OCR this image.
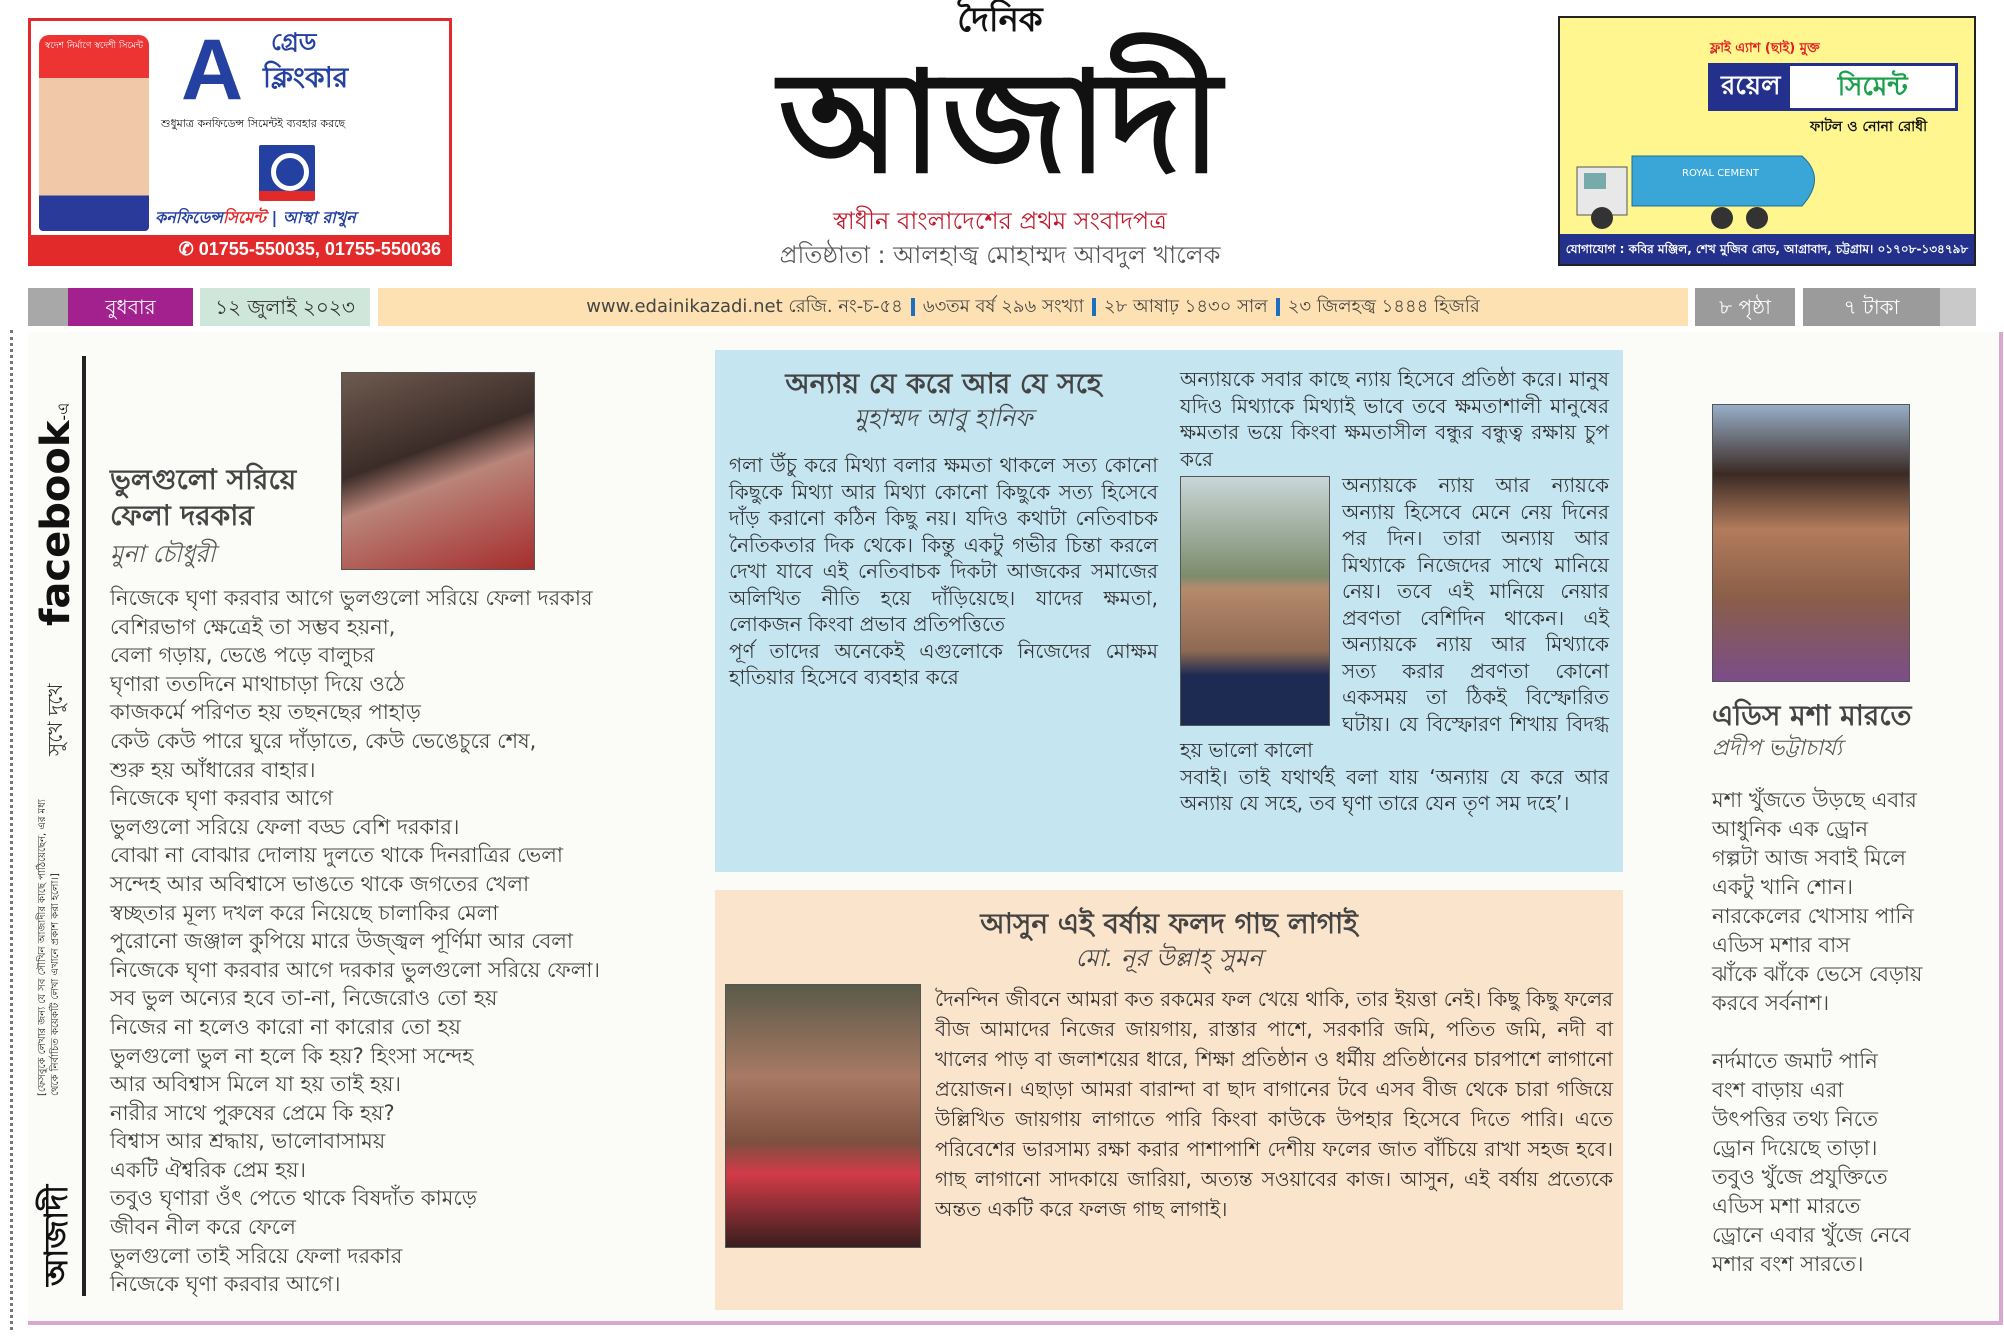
স্বদেশ নির্মাণে স্বদেশী সিমেন্ট A গ্রেড
ক্লিংকার
শুধুমাত্র কনফিডেন্স সিমেন্টই ব্যবহার করছে
কনফিডেন্সসিমেন্ট | আস্থা রাখুন
✆ 01755-550035, 01755-550036
দৈনিক
আজাদী
স্বাধীন বাংলাদেশের প্রথম সংবাদপত্র
প্রতিষ্ঠাতা : আলহাজ্ব মোহাম্মদ আবদুল খালেক
ফ্লাই এ্যাশ (ছাই) মুক্ত
রয়েল	সিমেন্ট
ফাটল ও নোনা রোধী
ROYAL CEMENT
যোগাযোগ : কবির মঞ্জিল, শেখ মুজিব রোড, আগ্রাবাদ, চট্টগ্রাম। ০১৭০৮-১৩৪৭৯৮
বুধবার	১২ জুলাই ২০২৩	www.edainikazadi.net রেজি. নং-চ-৫৪ ৬৩তম বর্ষ ২৯৬ সংখ্যা ২৮ আষাঢ় ১৪৩০ সাল ২৩ জিলহজ্ব ১৪৪৪ হিজরি	৮ পৃষ্ঠা	৭ টাকা
facebook-এ
সুখে দুখে
[ফেসবুকে লেখার জন্য যে সব সৌখিন আজাদীর কাছে পাঠিয়েছেন, এর মধ্য থেকে নির্বাচিত কয়েকটি লেখা এখানে প্রকাশ করা হলো।]
আজাদী
ভুলগুলো সরিয়ে ফেলা দরকার
মুনা চৌধুরী
নিজেকে ঘৃণা করবার আগে ভুলগুলো সরিয়ে ফেলা দরকার
বেশিরভাগ ক্ষেত্রেই তা সম্ভব হয়না,
বেলা গড়ায়, ভেঙে পড়ে বালুচর
ঘৃণারা ততদিনে মাথাচাড়া দিয়ে ওঠে
কাজকর্মে পরিণত হয় তছনছের পাহাড়
কেউ কেউ পারে ঘুরে দাঁড়াতে, কেউ ভেঙেচুরে শেষ,
শুরু হয় আঁধারের বাহার।
নিজেকে ঘৃণা করবার আগে
ভুলগুলো সরিয়ে ফেলা বড্ড বেশি দরকার।
বোঝা না বোঝার দোলায় দুলতে থাকে দিনরাত্রির ভেলা
সন্দেহ আর অবিশ্বাসে ভাঙতে থাকে জগতের খেলা
স্বচ্ছতার মূল্য দখল করে নিয়েছে চালাকির মেলা
পুরোনো জঞ্জাল কুপিয়ে মারে উজ্জ্বল পূর্ণিমা আর বেলা
নিজেকে ঘৃণা করবার আগে দরকার ভুলগুলো সরিয়ে ফেলা।
সব ভুল অন্যের হবে তা-না, নিজেরোও তো হয়
নিজের না হলেও কারো না কারোর তো হয়
ভুলগুলো ভুল না হলে কি হয়? হিংসা সন্দেহ
আর অবিশ্বাস মিলে যা হয় তাই হয়।
নারীর সাথে পুরুষের প্রেমে কি হয়?
বিশ্বাস আর শ্রদ্ধায়, ভালোবাসাময়
একটি ঐশ্বরিক প্রেম হয়।
তবুও ঘৃণারা ওঁৎ পেতে থাকে বিষদাঁত কামড়ে
জীবন নীল করে ফেলে
ভুলগুলো তাই সরিয়ে ফেলা দরকার
নিজেকে ঘৃণা করবার আগে।
অন্যায় যে করে আর যে সহে
মুহাম্মদ আবু হানিফ
গলা উঁচু করে মিথ্যা বলার ক্ষমতা থাকলে সত্য কোনো কিছুকে মিথ্যা আর মিথ্যা কোনো কিছুকে সত্য হিসেবে দাঁড় করানো কঠিন কিছু নয়। যদিও কথাটা নেতিবাচক নৈতিকতার দিক থেকে। কিন্তু একটু গভীর চিন্তা করলে দেখা যাবে এই নেতিবাচক দিকটা আজকের সমাজের অলিখিত নীতি হয়ে দাঁড়িয়েছে। যাদের ক্ষমতা, লোকজন কিংবা প্রভাব প্রতিপত্তিতে
পূর্ণ তাদের অনেকেই এগুলোকে নিজেদের মোক্ষম হাতিয়ার হিসেবে ব্যবহার করে
অন্যায়কে সবার কাছে ন্যায় হিসেবে প্রতিষ্ঠা করে। মানুষ যদিও মিথ্যাকে মিথ্যাই ভাবে তবে ক্ষমতাশালী মানুষের ক্ষমতার ভয়ে কিংবা ক্ষমতাসীল বন্ধুর বন্ধুত্ব রক্ষায় চুপ করে
অন্যায়কে ন্যায় আর ন্যায়কে অন্যায় হিসেবে মেনে নেয় দিনের পর দিন। তারা অন্যায় আর মিথ্যাকে নিজেদের সাথে মানিয়ে নেয়। তবে এই মানিয়ে নেয়ার প্রবণতা বেশিদিন থাকেন। এই অন্যায়কে ন্যায় আর মিথ্যাকে সত্য করার প্রবণতা কোনো একসময় তা ঠিকই বিস্ফোরিত ঘটায়। যে বিস্ফোরণ শিখায় বিদগ্ধ হয় ভালো কালো
সবাই। তাই যথার্থই বলা যায় ‘অন্যায় যে করে আর অন্যায় যে সহে, তব ঘৃণা তারে যেন তৃণ সম দহে’।
আসুন এই বর্ষায় ফলদ গাছ লাগাই
মো. নূর উল্লাহ্ সুমন
দৈনন্দিন জীবনে আমরা কত রকমের ফল খেয়ে থাকি, তার ইয়ত্তা নেই। কিছু কিছু ফলের বীজ আমাদের নিজের জায়গায়, রাস্তার পাশে, সরকারি জমি, পতিত জমি, নদী বা খালের পাড় বা জলাশয়ের ধারে, শিক্ষা প্রতিষ্ঠান ও ধর্মীয় প্রতিষ্ঠানের চারপাশে লাগানো প্রয়োজন। এছাড়া আমরা বারান্দা বা ছাদ বাগানের টবে এসব বীজ থেকে চারা গজিয়ে উল্লিখিত জায়গায় লাগাতে পারি কিংবা কাউকে উপহার হিসেবে দিতে পারি। এতে পরিবেশের ভারসাম্য রক্ষা করার পাশাপাশি দেশীয় ফলের জাত বাঁচিয়ে রাখা সহজ হবে। গাছ লাগানো সাদকায়ে জারিয়া, অত্যন্ত সওয়াবের কাজ। আসুন, এই বর্ষায় প্রত্যেকে অন্তত একটি করে ফলজ গাছ লাগাই।
এডিস মশা মারতে
প্রদীপ ভট্টাচার্য্য
মশা খুঁজতে উড়ছে এবার
আধুনিক এক ড্রোন
গল্পটা আজ সবাই মিলে
একটু খানি শোন।
নারকেলের খোসায় পানি
এডিস মশার বাস
ঝাঁকে ঝাঁকে ভেসে বেড়ায়
করবে সর্বনাশ।
নর্দমাতে জমাট পানি
বংশ বাড়ায় এরা
উৎপত্তির তথ্য নিতে
ড্রোন দিয়েছে তাড়া।
তবুও খুঁজে প্রযুক্তিতে
এডিস মশা মারতে
ড্রোনে এবার খুঁজে নেবে
মশার বংশ সারতে।
